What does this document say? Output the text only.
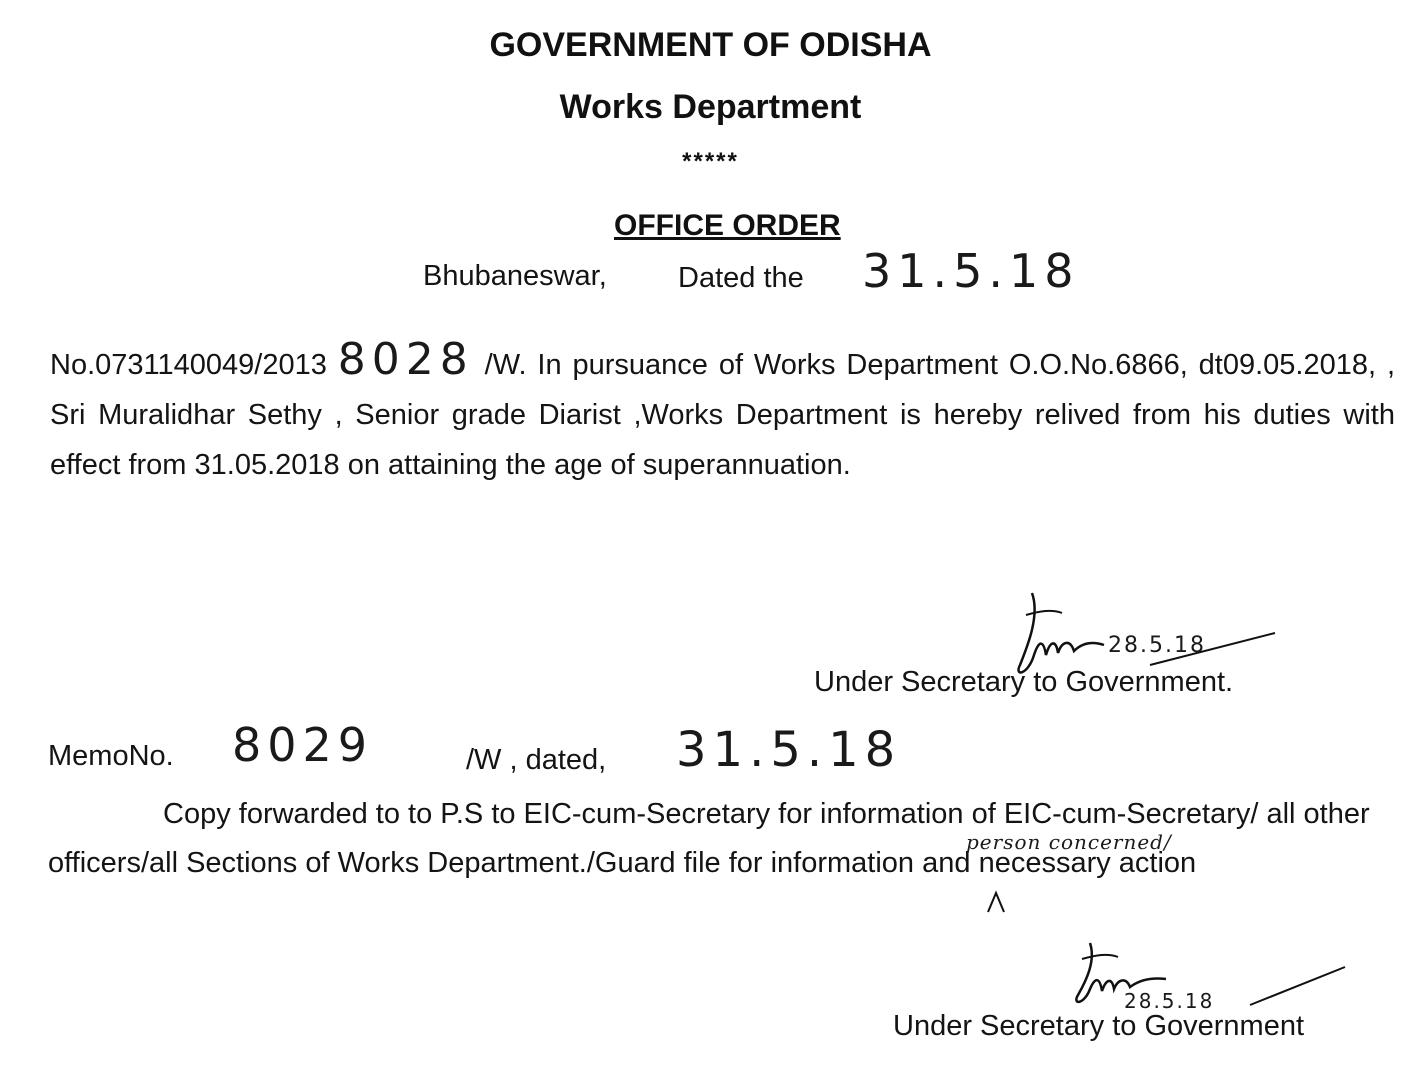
GOVERNMENT OF ODISHA
Works Department
*****
OFFICE ORDER
Bhubaneswar, Dated the 31.5.18
No.0731140049/2013 8028 /W. In pursuance of Works Department O.O.No.6866, dt09.05.2018, , Sri Muralidhar Sethy , Senior grade Diarist ,Works Department is hereby relived from his duties with effect from 31.05.2018 on attaining the age of superannuation.
28.5.18
Under Secretary to Government.
MemoNo. 8029	/W , dated, 31.5.18
Copy forwarded to to P.S to EIC-cum-Secretary for information of EIC-cum-Secretary/ all other officers/all Sections of Works Department./Guard file for information and necessary action
person concerned/
28.5.18
Under Secretary to Government
